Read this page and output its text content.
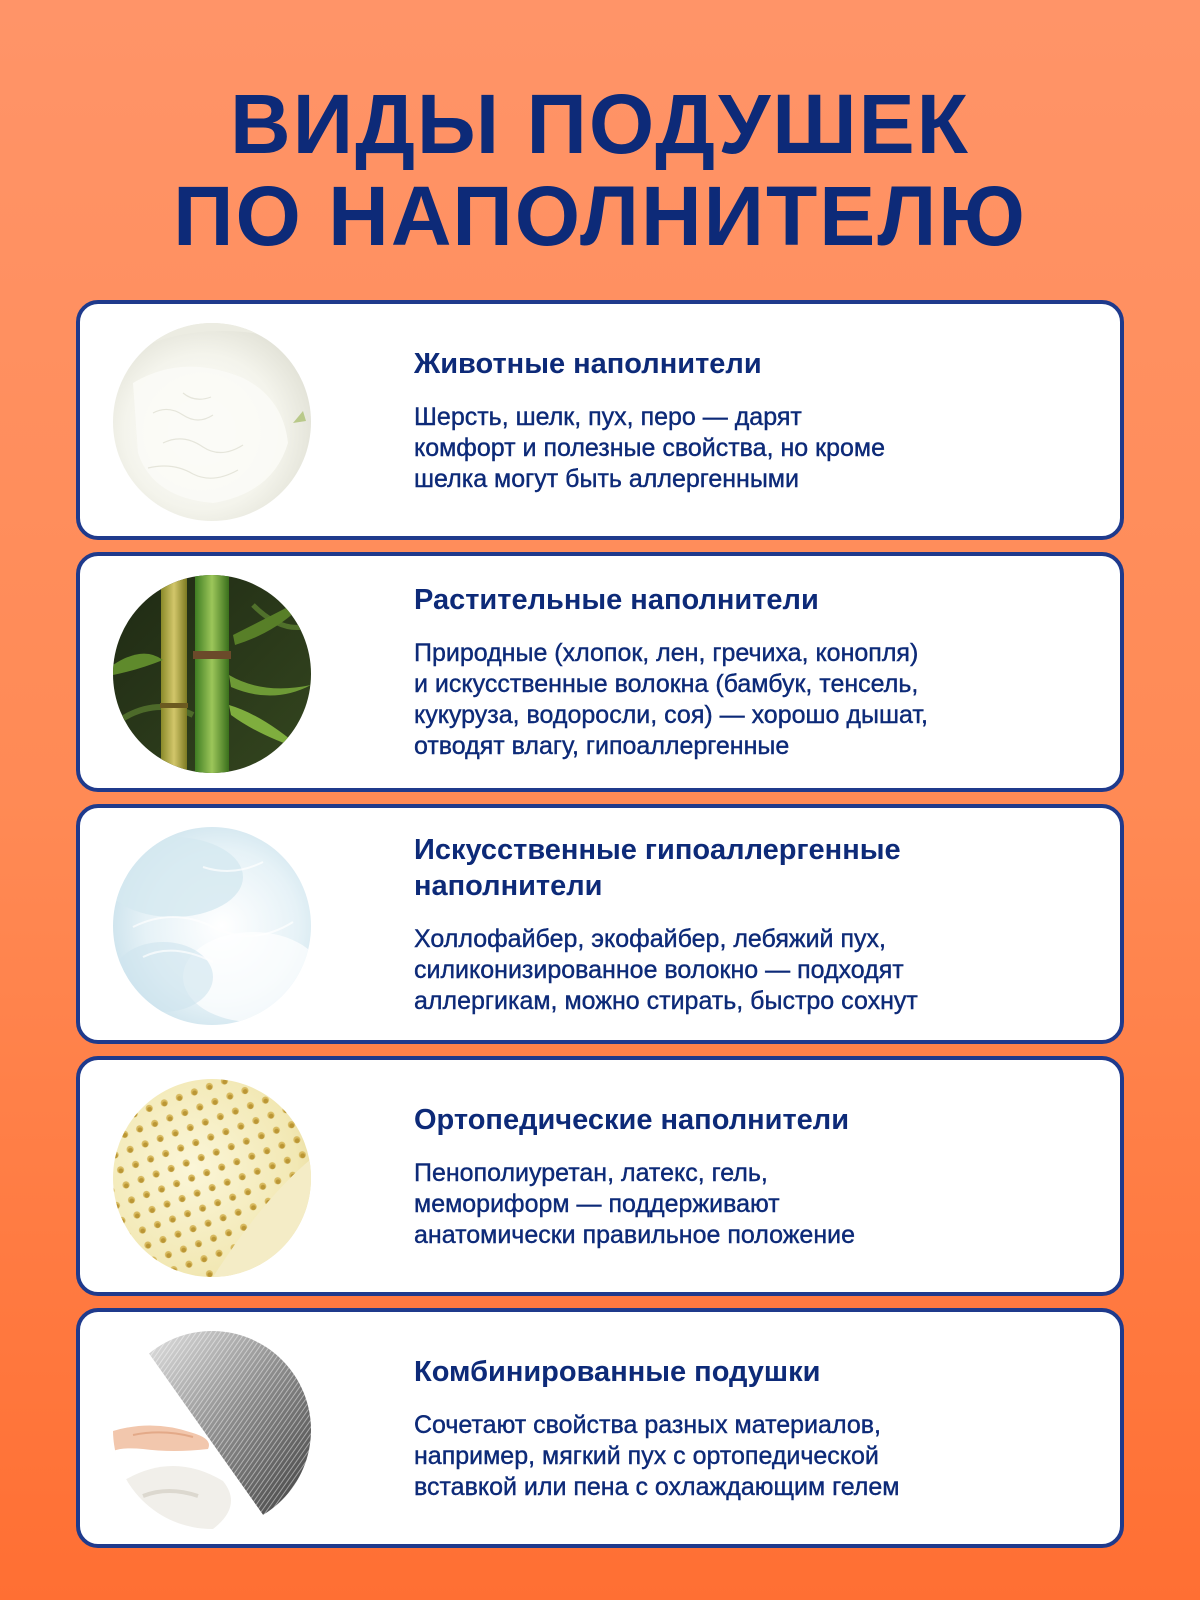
ВИДЫ ПОДУШЕК
ПО НАПОЛНИТЕЛЮ
Животные наполнители

Шерсть, шелк, пух, перо — дарят
комфорт и полезные свойства, но кроме
шелка могут быть аллергенными

Растительные наполнители

Природные (хлопок, лен, гречиха, конопля)
и искусственные волокна (бамбук, тенсель,
кукуруза, водоросли, соя) — хорошо дышат,
отводят влагу, гипоаллергенные

Искусственные гипоаллергенные наполнители

Холлофайбер, экофайбер, лебяжий пух,
силиконизированное волокно — подходят
аллергикам, можно стирать, быстро сохнут

Ортопедические наполнители

Пенополиуретан, латекс, гель,
мемориформ — поддерживают
анатомически правильное положение

Комбинированные подушки

Сочетают свойства разных материалов,
например, мягкий пух с ортопедической
вставкой или пена с охлаждающим гелем
